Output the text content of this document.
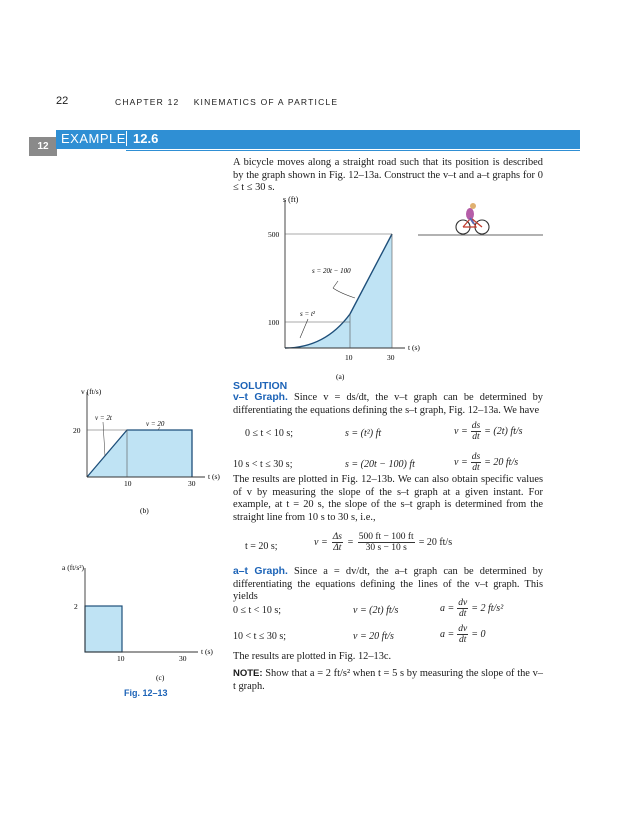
22	CHAPTER 12 KINEMATICS OF A PARTICLE
12
EXAMPLE 12.6
A bicycle moves along a straight road such that its position is described by the graph shown in Fig. 12–13a. Construct the v–t and a–t graphs for 0 ≤ t ≤ 30 s.
s (ft)
t (s)
500
100
10	30
s = 20t − 100
s = t²
(a)
v (ft/s)
t (s)
20
10	30
v = 2t
v = 20
(b)
a (ft/s²)
t (s)
2
10	30
(c)
Fig. 12–13
SOLUTION
v–t Graph. Since v = ds/dt, the v–t graph can be determined by differentiating the equations defining the s–t graph, Fig. 12–13a. We have
0 ≤ t < 10 s;	s = (t²) ft	$v = \frac{ds}{dt} = (2t)$ ft/s
10 s < t ≤ 30 s;	s = (20t − 100) ft	$v = \frac{ds}{dt} = 20$ ft/s
The results are plotted in Fig. 12–13b. We can also obtain specific values of v by measuring the slope of the s–t graph at a given instant. For example, at t = 20 s, the slope of the s–t graph is determined from the straight line from 10 s to 30 s, i.e.,
t = 20 s;	$v = \frac{\Delta s}{\Delta t} = \frac{500 ft - 100 ft}{30 s - 10 s} = 20$ ft/s
a–t Graph. Since a = dv/dt, the a–t graph can be determined by differentiating the equations defining the lines of the v–t graph. This yields
0 ≤ t < 10 s;	v = (2t) ft/s	$a = \frac{dv}{dt} = 2$ ft/s²
10 < t ≤ 30 s;	v = 20 ft/s	$a = \frac{dv}{dt} = 0$
The results are plotted in Fig. 12–13c.
NOTE: Show that a = 2 ft/s² when t = 5 s by measuring the slope of the v–t graph.
